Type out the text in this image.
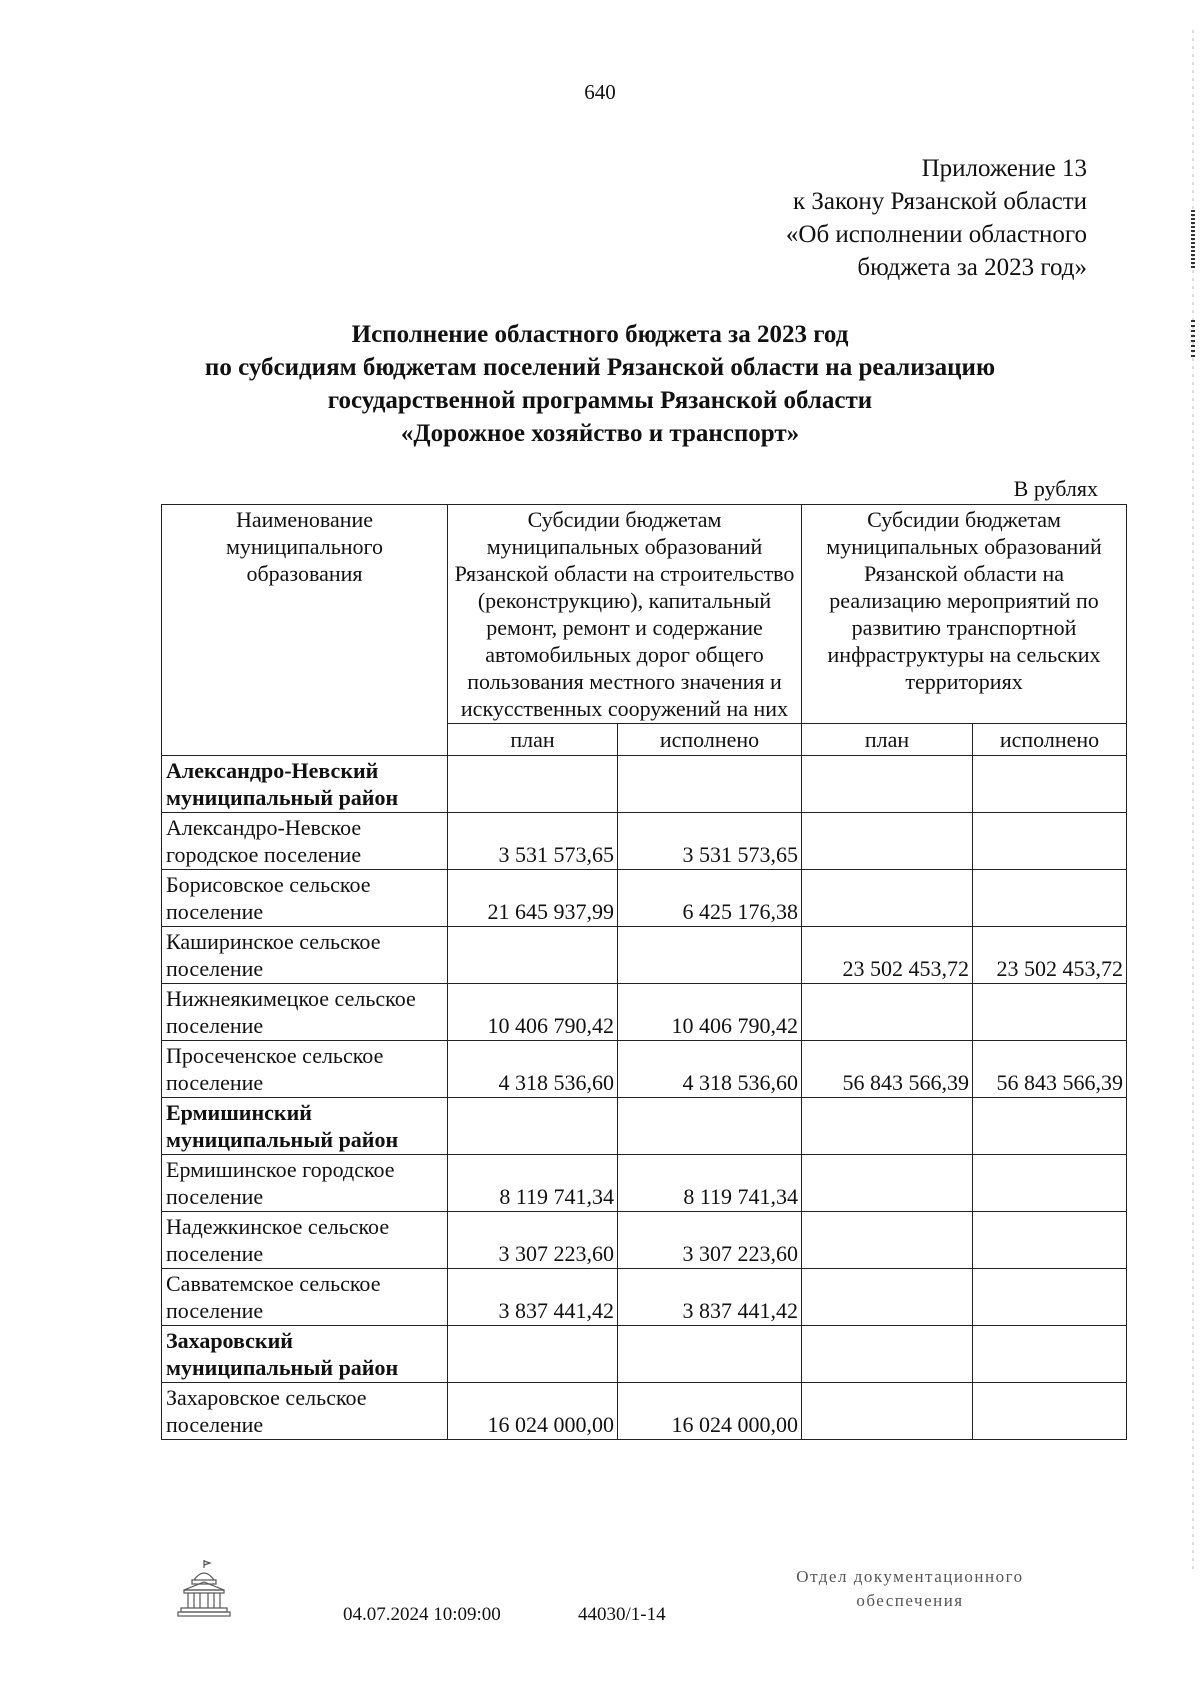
640
Приложение 13
к Закону Рязанской области
«Об исполнении областного
бюджета за 2023 год»
Исполнение областного бюджета за 2023 год
по субсидиям бюджетам поселений Рязанской области на реализацию
государственной программы Рязанской области
«Дорожное хозяйство и транспорт»
В рублях
Наименование муниципального образования	Субсидии бюджетам муниципальных образований Рязанской области на строительство (реконструкцию), капитальный ремонт, ремонт и содержание автомобильных дорог общего пользования местного значения и искусственных сооружений на них		Субсидии бюджетам муниципальных образований Рязанской области на реализацию мероприятий по развитию транспортной инфраструктуры на сельских территориях	
	план	исполнено	план	исполнено
Александро-Невский муниципальный район				
Александро-Невское городское поселение	3 531 573,65	3 531 573,65		
Борисовское сельское поселение	21 645 937,99	6 425 176,38		
Каширинское сельское поселение			23 502 453,72	23 502 453,72
Нижнеякимецкое сельское поселение	10 406 790,42	10 406 790,42		
Просеченское сельское поселение	4 318 536,60	4 318 536,60	56 843 566,39	56 843 566,39
Ермишинский муниципальный район				
Ермишинское городское поселение	8 119 741,34	8 119 741,34		
Надежкинское сельское поселение	3 307 223,60	3 307 223,60		
Савватемское сельское поселение	3 837 441,42	3 837 441,42		
Захаровский муниципальный район				
Захаровское сельское поселение	16 024 000,00	16 024 000,00		
04.07.2024 10:09:00	44030/1-14
Отдел документационного
обеспечения
